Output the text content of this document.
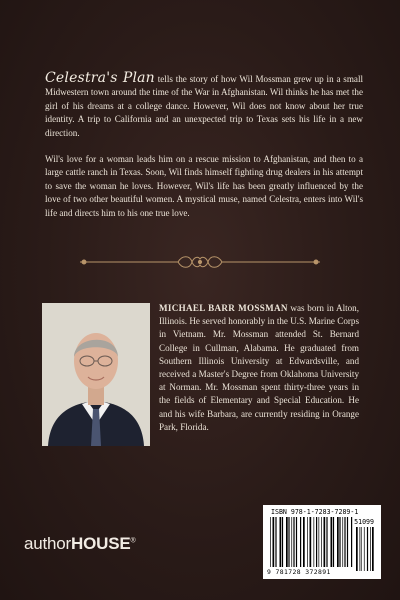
Celestra's Plan tells the story of how Wil Mossman grew up in a small Midwestern town around the time of the War in Afghanistan. Wil thinks he has met the girl of his dreams at a college dance. However, Wil does not know about her true identity. A trip to California and an unexpected trip to Texas sets his life in a new direction.

Wil's love for a woman leads him on a rescue mission to Afghanistan, and then to a large cattle ranch in Texas. Soon, Wil finds himself fighting drug dealers in his attempt to save the woman he loves. However, Wil's life has been greatly influenced by the love of two other beautiful women. A mystical muse, named Celestra, enters into Wil's life and directs him to his one true love.

MICHAEL BARR MOSSMAN was born in Alton, Illinois. He served honorably in the U.S. Marine Corps in Vietnam. Mr. Mossman attended St. Bernard College in Cullman, Alabama. He graduated from Southern Illinois University at Edwardsville, and received a Master's Degree from Oklahoma University at Norman. Mr. Mossman spent thirty-three years in the fields of Elementary and Special Education. He and his wife Barbara, are currently residing in Orange Park, Florida.
authorHOUSE®
ISBN 978-1-7283-7289-1
51099
9 781728 372891
